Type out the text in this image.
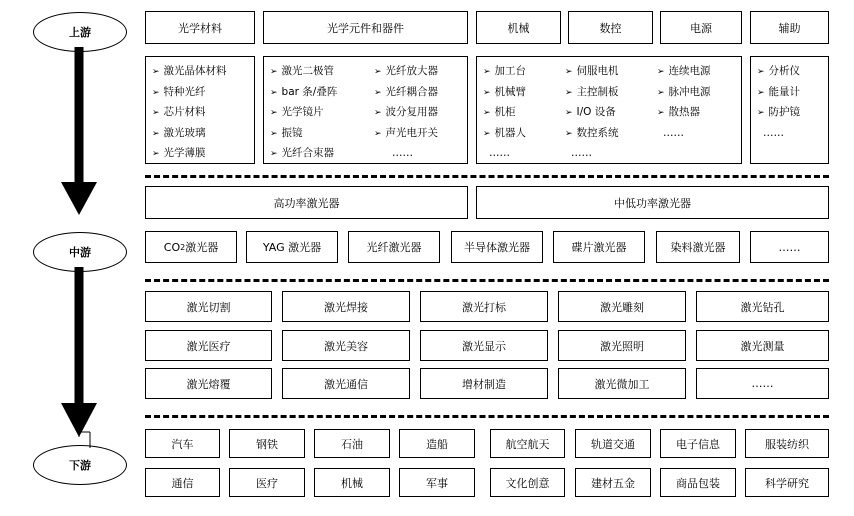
上游
中游
下游
光学材料	光学元件和器件	机械	数控	电源	辅助
➢ 激光晶体材料
➢ 特种光纤
➢ 芯片材料
➢ 激光玻璃
➢ 光学薄膜
➢ 激光二极管
➢ bar 条/叠阵
➢ 光学镜片
➢ 振镜
➢ 光纤合束器
➢ 光纤放大器
➢ 光纤耦合器
➢ 波分复用器
➢ 声光电开关
……
➢ 加工台
➢ 机械臂
➢ 机柜
➢ 机器人
……
➢ 伺服电机
➢ 主控制板
➢ I/O 设备
➢ 数控系统
……
➢ 连续电源
➢ 脉冲电源
➢ 散热器
……
➢ 分析仪
➢ 能量计
➢ 防护镜
……
高功率激光器	中低功率激光器
CO 2 激光器	YAG 激光器	光纤激光器	半导体激光器	碟片激光器	染料激光器	……
激光切割	激光焊接	激光打标	激光雕刻	激光钻孔
激光医疗	激光美容	激光显示	激光照明	激光测量
激光熔覆	激光通信	增材制造	激光微加工	……
汽车	钢铁	石油	造船	航空航天	轨道交通	电子信息	服装纺织
通信	医疗	机械	军事	文化创意	建材五金	商品包装	科学研究
